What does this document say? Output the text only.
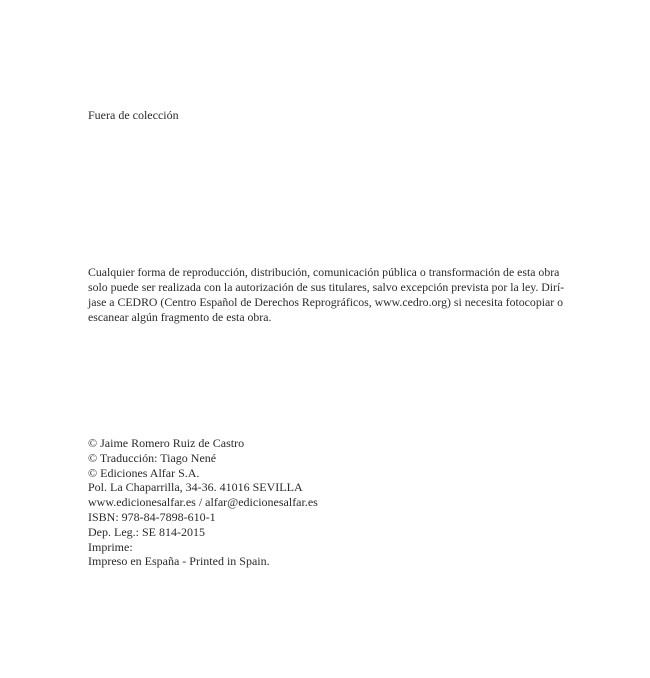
Fuera de colección

Cualquier forma de reproducción, distribución, comunicación pública o transformación de esta obra
solo puede ser realizada con la autorización de sus titulares, salvo excepción prevista por la ley. Dirí-
jase a CEDRO (Centro Español de Derechos Reprográficos, www.cedro.org) si necesita fotocopiar o
escanear algún fragmento de esta obra.

© Jaime Romero Ruiz de Castro
© Traducción: Tiago Nené
© Ediciones Alfar S.A.
Pol. La Chaparrilla, 34-36. 41016 SEVILLA
www.edicionesalfar.es / alfar@edicionesalfar.es
ISBN: 978-84-7898-610-1
Dep. Leg.: SE 814-2015
Imprime:
Impreso en España - Printed in Spain.
